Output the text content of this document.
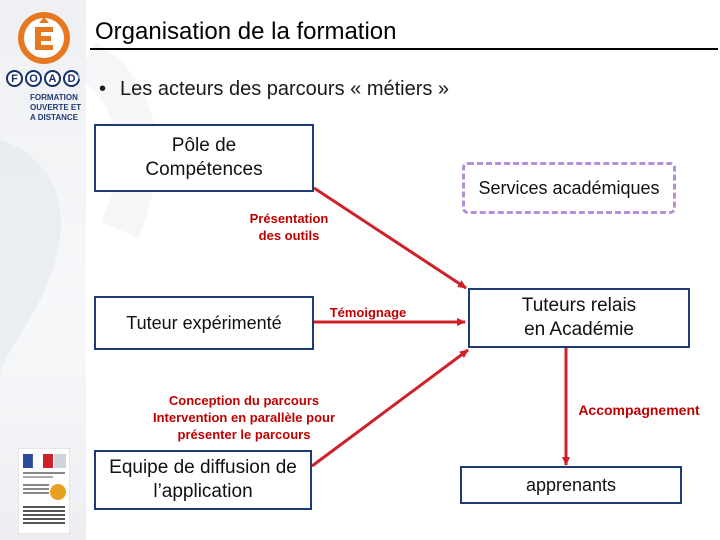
F	O A	D
FORMATION
OUVERTE ET
A DISTANCE
Organisation de la formation
• Les acteurs des parcours « métiers »
Pôle de
Compétences
Services académiques
Tuteur expérimenté
Tuteurs relais
en Académie
Equipe de diffusion de
l’application	apprenants
Présentation
des outils
Témoignage
Conception du parcours
Intervention en parallèle pour
présenter le parcours
Accompagnement
